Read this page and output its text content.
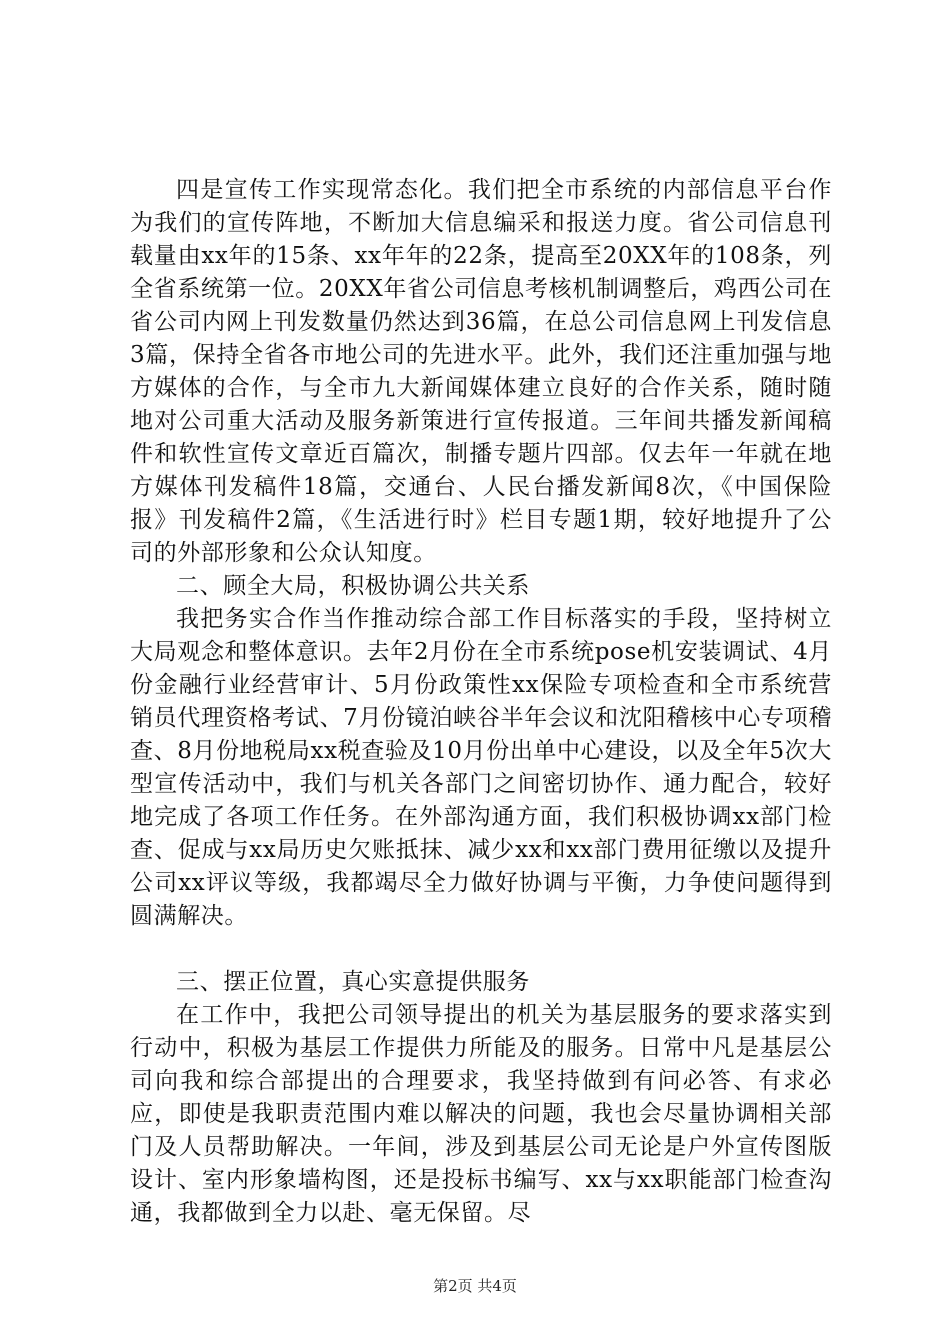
四是宣传工作实现常态化。我们把全市系统的内部信息平台作为我们的宣传阵地，不断加大信息编采和报送力度。省公司信息刊载量由xx年的15条、xx年年的22条，提高至20XX年的108条，列全省系统第一位。20XX年省公司信息考核机制调整后，鸡西公司在省公司内网上刊发数量仍然达到36篇，在总公司信息网上刊发信息3篇，保持全省各市地公司的先进水平。此外，我们还注重加强与地方媒体的合作，与全市九大新闻媒体建立良好的合作关系，随时随地对公司重大活动及服务新策进行宣传报道。三年间共播发新闻稿件和软性宣传文章近百篇次，制播专题片四部。仅去年一年就在地方媒体刊发稿件18篇，交通台、人民台播发新闻8次，《中国保险报》刊发稿件2篇，《生活进行时》栏目专题1期，较好地提升了公司的外部形象和公众认知度。

二、顾全大局，积极协调公共关系

我把务实合作当作推动综合部工作目标落实的手段，坚持树立大局观念和整体意识。去年2月份在全市系统pose机安装调试、4月份金融行业经营审计、5月份政策性xx保险专项检查和全市系统营销员代理资格考试、7月份镜泊峡谷半年会议和沈阳稽核中心专项稽查、8月份地税局xx税查验及10月份出单中心建设，以及全年5次大型宣传活动中，我们与机关各部门之间密切协作、通力配合，较好地完成了各项工作任务。在外部沟通方面，我们积极协调xx部门检查、促成与xx局历史欠账抵抹、减少xx和xx部门费用征缴以及提升公司xx评议等级，我都竭尽全力做好协调与平衡，力争使问题得到圆满解决。

三、摆正位置，真心实意提供服务

在工作中，我把公司领导提出的机关为基层服务的要求落实到行动中，积极为基层工作提供力所能及的服务。日常中凡是基层公司向我和综合部提出的合理要求，我坚持做到有问必答、有求必应，即使是我职责范围内难以解决的问题，我也会尽量协调相关部门及人员帮助解决。一年间，涉及到基层公司无论是户外宣传图版设计、室内形象墙构图，还是投标书编写、xx与xx职能部门检查沟通，我都做到全力以赴、毫无保留。尽

第2页 共4页
